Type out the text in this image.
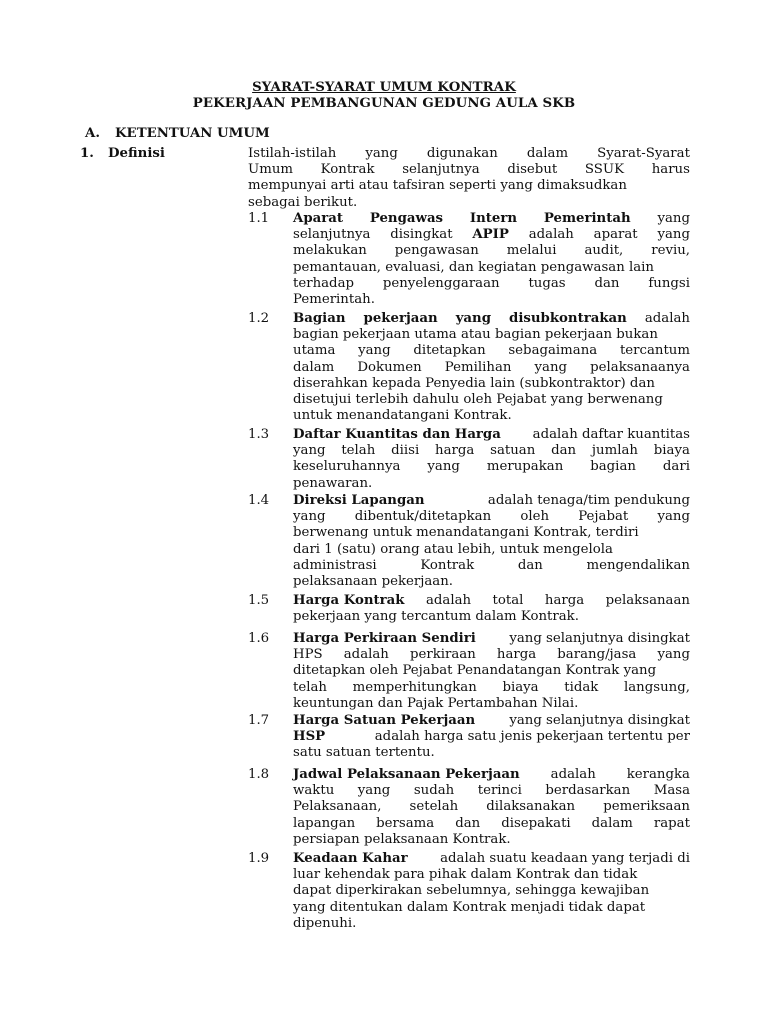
SYARAT-SYARAT UMUM KONTRAK
PEKERJAAN PEMBANGUNAN GEDUNG AULA SKB
A. KETENTUAN UMUM
1. Definisi	Istilah-istilah yang digunakan dalam Syarat-Syarat
Umum Kontrak selanjutnya disebut SSUK harus
mempunyai arti atau tafsiran seperti yang dimaksudkan
sebagai berikut.
1.1 Aparat Pengawas Intern Pemerintah yang
selanjutnya disingkat APIP adalah aparat yang
melakukan pengawasan melalui audit, reviu,
pemantauan, evaluasi, dan kegiatan pengawasan lain
terhadap penyelenggaraan tugas dan fungsi
Pemerintah.
1.2 Bagian pekerjaan yang disubkontrakan adalah
bagian pekerjaan utama atau bagian pekerjaan bukan
utama yang ditetapkan sebagaimana tercantum
dalam Dokumen Pemilihan yang pelaksanaanya
diserahkan kepada Penyedia lain (subkontraktor) dan
disetujui terlebih dahulu oleh Pejabat yang berwenang
untuk menandatangani Kontrak.
1.3 Daftar Kuantitas dan Harga adalah daftar kuantitas
yang telah diisi harga satuan dan jumlah biaya
keseluruhannya yang merupakan bagian dari
penawaran.
1.4 Direksi Lapangan	adalah tenaga/tim pendukung
yang dibentuk/ditetapkan oleh Pejabat yang
berwenang untuk menandatangani Kontrak, terdiri
dari 1 (satu) orang atau lebih, untuk mengelola
administrasi	Kontrak	dan	mengendalikan
pelaksanaan pekerjaan.
1.5 Harga Kontrak adalah total harga pelaksanaan
pekerjaan yang tercantum dalam Kontrak.
1.6 Harga Perkiraan Sendiri	yang selanjutnya disingkat
HPS adalah perkiraan harga barang/jasa yang
ditetapkan oleh Pejabat Penandatangan Kontrak yang
telah memperhitungkan biaya tidak langsung,
keuntungan dan Pajak Pertambahan Nilai.
1.7 Harga Satuan Pekerjaan	yang selanjutnya disingkat
HSP	adalah harga satu jenis pekerjaan tertentu per
satu satuan tertentu.
1.8 Jadwal Pelaksanaan Pekerjaan adalah kerangka
waktu yang sudah terinci berdasarkan Masa
Pelaksanaan, setelah dilaksanakan pemeriksaan
lapangan bersama dan disepakati dalam rapat
persiapan pelaksanaan Kontrak.
1.9 Keadaan Kahar adalah suatu keadaan yang terjadi di
luar kehendak para pihak dalam Kontrak dan tidak
dapat diperkirakan sebelumnya, sehingga kewajiban
yang ditentukan dalam Kontrak menjadi tidak dapat
dipenuhi.
